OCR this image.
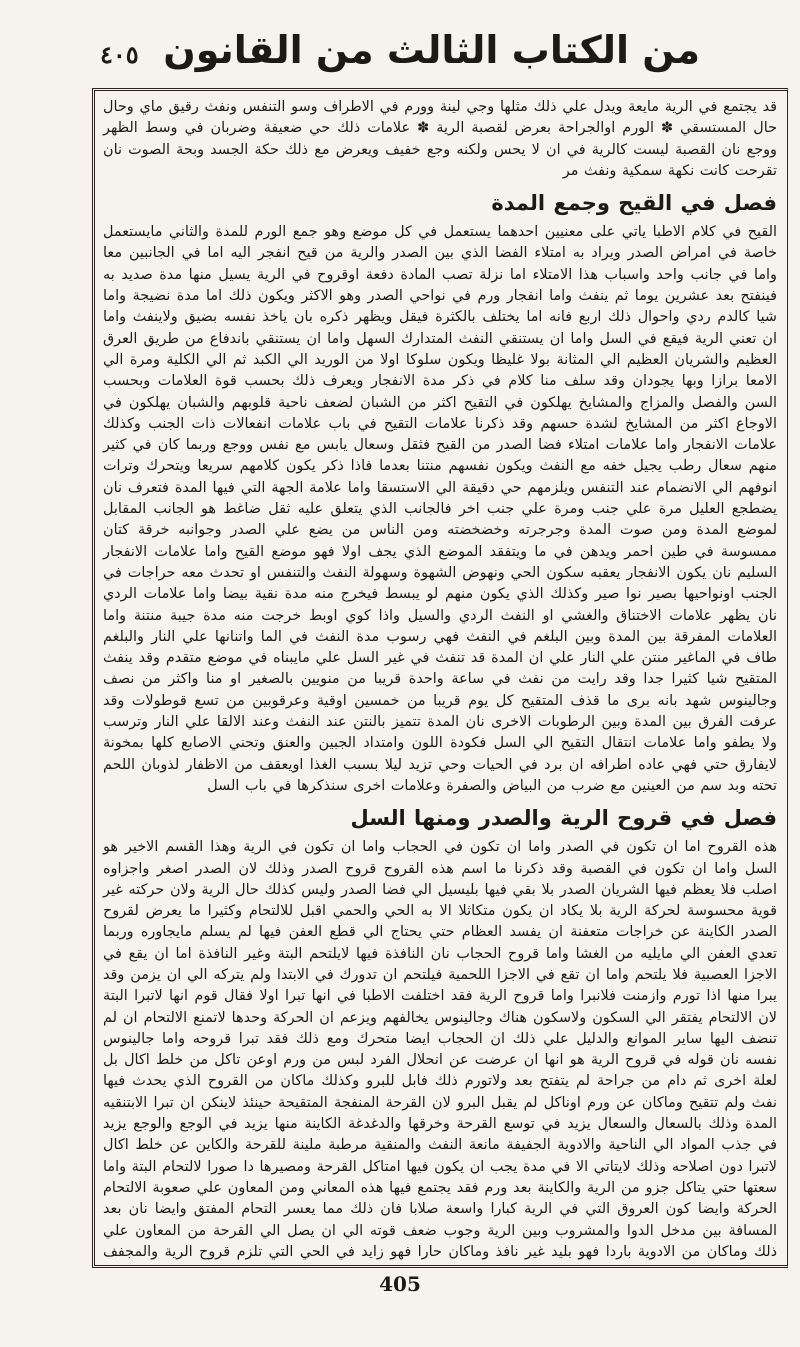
٤٠٥ من الكتاب الثالث من القانون

قد يجتمع في الرية مايعة ويدل علي ذلك مثلها وجي لينة وورم في الاطراف وسو التنفس ونفث رقيق ماي وحال حال المستسقي ✽ الورم اوالجراحة بعرض لقصبة الرية ✽ علامات ذلك حي ضعيفة وضربان في وسط الظهر ووجع نان القصبة ليست كالرية في ان لا يحس ولكنه وجع خفيف ويعرض مع ذلك حكة الجسد وبحة الصوت نان تقرحت كانت نكهة سمكية ونفث مر

فصل في القيح وجمع المدة

القيح في كلام الاطبا ياتي على معنيين احدهما يستعمل في كل موضع وهو جمع الورم للمدة والثاني مايستعمل خاصة في امراض الصدر ويراد به امتلاء الفضا الذي بين الصدر والرية من قيح انفجر اليه اما في الجانبين معا واما في جانب واحد واسباب هذا الامتلاء اما نزلة تصب المادة دفعة اوقروح في الرية يسيل منها مدة صديد به فينفتح بعد عشرين يوما ثم ينفث واما انفجار ورم في نواحي الصدر وهو الاكثر ويكون ذلك اما مدة نضيجة واما شيا كالدم ردي واحوال ذلك اربع فانه اما يختلف بالكثرة فيقل ويظهر ذكره بان ياخذ نفسه بضيق ولاينفث واما ان تعني الرية فيقع في السل واما ان يستنقي النفث المتدارك السهل واما ان يستنقي باندفاع من طريق العرق العظيم والشريان العظيم الي المثانة بولا غليظا ويكون سلوكا اولا من الوريد الي الكبد ثم الي الكلية ومرة الي الامعا برازا وبها يجودان وقد سلف منا كلام في ذكر مدة الانفجار ويعرف ذلك بحسب قوة العلامات وبحسب السن والفصل والمزاج والمشايخ يهلكون في التقيح اكثر من الشبان لضعف ناحية قلوبهم والشبان يهلكون في الاوجاع اكثر من المشايخ لشدة حسهم وقد ذكرنا علامات التقيح في باب علامات انفعالات ذات الجنب وكذلك علامات الانفجار واما علامات امتلاء فضا الصدر من القيح فثقل وسعال يابس مع نفس ووجع وربما كان في كثير منهم سعال رطب يجيل خفه مع النفث ويكون نفسهم منتنا بعدما فاذا ذكر يكون كلامهم سريعا ويتحرك وترات انوفهم الي الانضمام عند التنفس ويلزمهم حي دقيقة الي الاستسقا واما علامة الجهة التي فيها المدة فتعرف نان يضطجع العليل مرة علي جنب ومرة علي جنب اخر فالجانب الذي يتعلق عليه ثقل ضاغط هو الجانب المقابل لموضع المدة ومن صوت المدة وجرجرته وخضخضته ومن الناس من يضع علي الصدر وجوانبه خرقة كتان ممسوسة في طين احمر ويدهن في ما ويتفقد الموضع الذي يجف اولا فهو موضع القيح واما علامات الانفجار السليم نان يكون الانفجار يعقبه سكون الحي ونهوض الشهوة وسهولة النفث والتنفس او تحدث معه حراجات في الجنب اونواحيها بصير نوا صير وكذلك الذي يكون منهم لو يبسط فيخرج منه مدة نقية بيضا واما علامات الردي نان يظهر علامات الاختناق والغشي او النفث الردي والسيل واذا كوي اوبط خرجت منه مدة جيبة منتنة واما العلامات المفرقة بين المدة وبين البلغم في النفث فهي رسوب مدة النفث في الما واتنانها علي النار والبلغم طاف في الماغير منتن علي النار علي ان المدة قد تنفث في غير السل علي مايبناه في موضع متقدم وقد ينفث المتقيح شيا كثيرا جدا وقد رايت من نفث في ساعة واحدة قريبا من منويين بالصغير او منا واكثر من نصف وجالينوس شهد بانه برى ما قذف المتقيح كل يوم قريبا من خمسين اوقية وعرقوبين من تسع قوطولات وقد عرفت الفرق بين المدة وبين الرطوبات الاخرى نان المدة تتميز بالنتن عند النفث وعند الالقا علي النار وترسب ولا يطفو واما علامات انتقال التقيح الي السل فكودة اللون وامتداد الجبين والعنق وتحني الاصابع كلها بمخونة لايفارق حتي فهي عاده اطرافه ان برد في الحيات وحي تزيد ليلا بسبب الغذا اويعقف من الاظفار لذوبان اللحم تحته وبد سم من العينين مع ضرب من البياض والصفرة وعلامات اخرى سنذكرها في باب السل

فصل في قروح الرية والصدر ومنها السل

هذه القروح اما ان تكون في الصدر واما ان تكون في الحجاب واما ان تكون في الرية وهذا القسم الاخير هو السل واما ان تكون في القصبة وقد ذكرنا ما اسم هذه القروح قروح الصدر وذلك لان الصدر اصغر واجزاوه اصلب فلا يعظم فيها الشريان الصدر بلا بقي فيها بليسيل الي فضا الصدر وليس كذلك حال الرية ولان حركته غير قوية محسوسة لحركة الرية بلا يكاد ان يكون متكاثلا الا به الحي والحمي اقبل للالتحام وكثيرا ما يعرض لقروح الصدر الكاينة عن خراجات متعفنة ان يفسد العظام حتي يحتاج الي قطع العفن فيها لم يسلم مايجاوره وربما تعدي العفن الي مايليه من الغشا واما قروح الحجاب نان النافذة فيها لايلتحم البتة وغير النافذة اما ان يقع في الاجزا العصبية فلا يلتحم واما ان تقع في الاجزا اللحمية فيلتحم ان تدورك في الابتدا ولم يتركه الي ان يزمن وقد يبرا منها اذا تورم وازمنت فلانبرا واما قروح الرية فقد اختلفت الاطبا في انها تبرا اولا فقال قوم انها لاتبرا البتة لان الالتحام يفتقر الي السكون ولاسكون هناك وجالينوس يخالفهم ويزعم ان الحركة وحدها لاتمنع الالتحام ان لم تنضف اليها ساير الموانع والدليل علي ذلك ان الحجاب ايضا متحرك ومع ذلك فقد تبرا قروحه واما جالينوس نفسه نان قوله في قروح الرية هو انها ان عرضت عن انحلال الفرد لبس من ورم اوعن تاكل من خلط اكال بل لعلة اخرى ثم دام من جراحة لم يتفتح بعد ولاتورم ذلك فابل للبرو وكذلك ماكان من القروح الذي يحدث فيها نفث ولم تتقيح وماكان عن ورم اوناكل لم يقبل البرو لان القرحة المنفجة المتقيحة حينئذ لاينكن ان تبرا الابتنقيه المدة وذلك بالسعال والسعال يزيد في توسع القرحة وخرقها والدغدغة الكاينة منها يزيد في الوجع والوجع يزيد في جذب المواد الي الناحية والادوية الجفيفة مانعة النفث والمنقية مرطبة ملينة للقرحة والكاين عن خلط اكال لاتبرا دون اصلاحه وذلك لايتاتي الا في مدة يجب ان يكون فيها امتاكل القرحة ومصيرها دا صورا لالتحام البتة واما سعتها حتي يتاكل جزو من الرية والكاينة بعد ورم فقد يجتمع فيها هذه المعاني ومن المعاون علي صعوبة الالتحام الحركة وايضا كون العروق التي في الرية كبارا واسعة صلابا فان ذلك مما يعسر التحام المفتق وايضا نان بعد المسافة بين مدخل الدوا والمشروب وبين الرية وجوب ضعف قوته الي ان يصل الي القرحة من المعاون علي ذلك وماكان من الادوية باردا فهو بليد غير نافذ وماكان حارا فهو زايد في الحي التي تلزم قروح الرية والمجفف

405
